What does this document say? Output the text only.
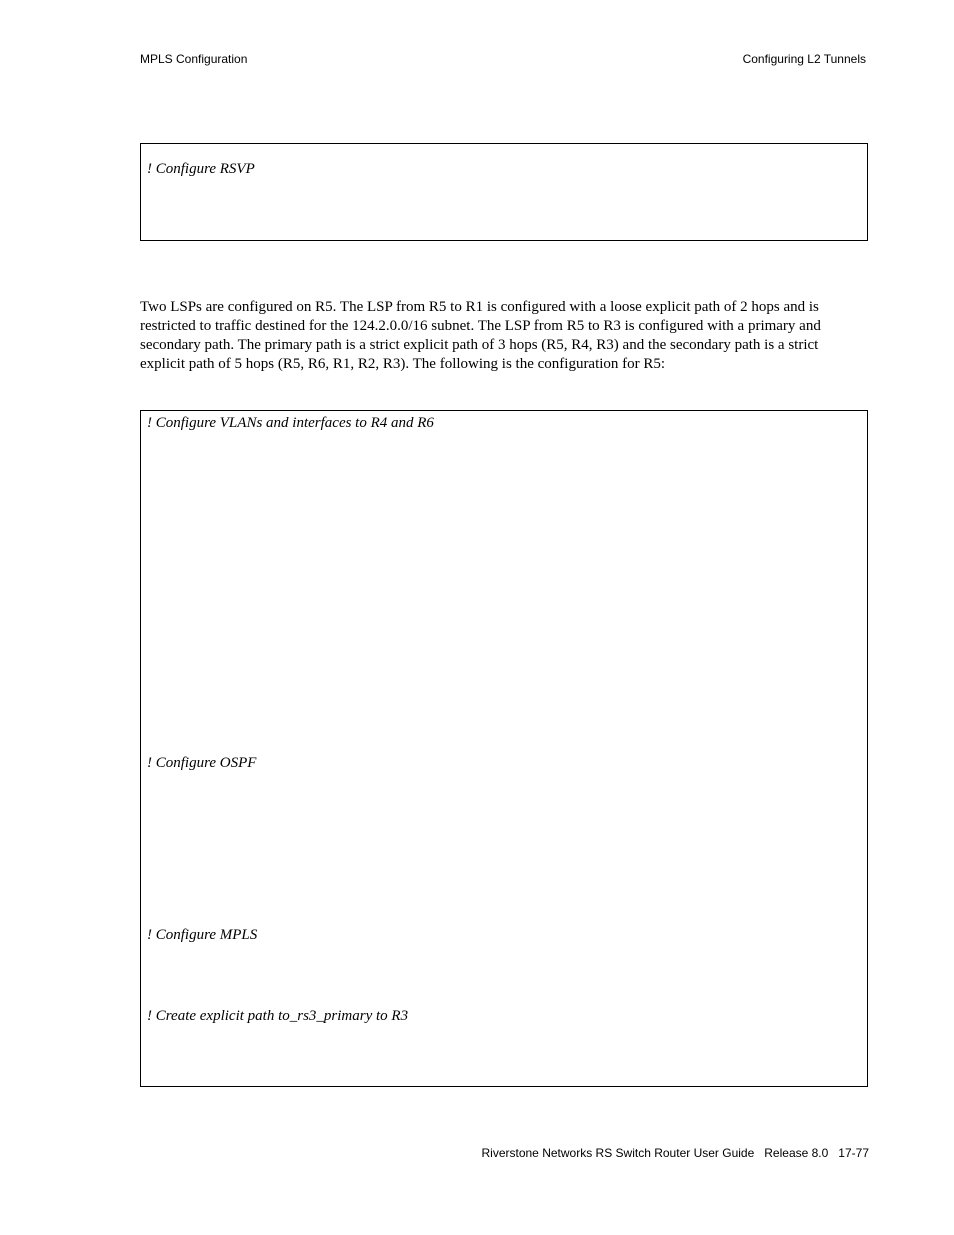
MPLS Configuration	Configuring L2 Tunnels
! Configure RSVP

Two LSPs are configured on R5. The LSP from R5 to R1 is configured with a loose explicit path of 2 hops and is

restricted to traffic destined for the 124.2.0.0/16 subnet. The LSP from R5 to R3 is configured with a primary and

secondary path. The primary path is a strict explicit path of 3 hops (R5, R4, R3) and the secondary path is a strict

explicit path of 5 hops (R5, R6, R1, R2, R3). The following is the configuration for R5:

! Configure VLANs and interfaces to R4 and R6
! Configure OSPF
! Configure MPLS
! Create explicit path to_rs3_primary to R3
Riverstone Networks RS Switch Router User Guide   Release 8.0   17-77
